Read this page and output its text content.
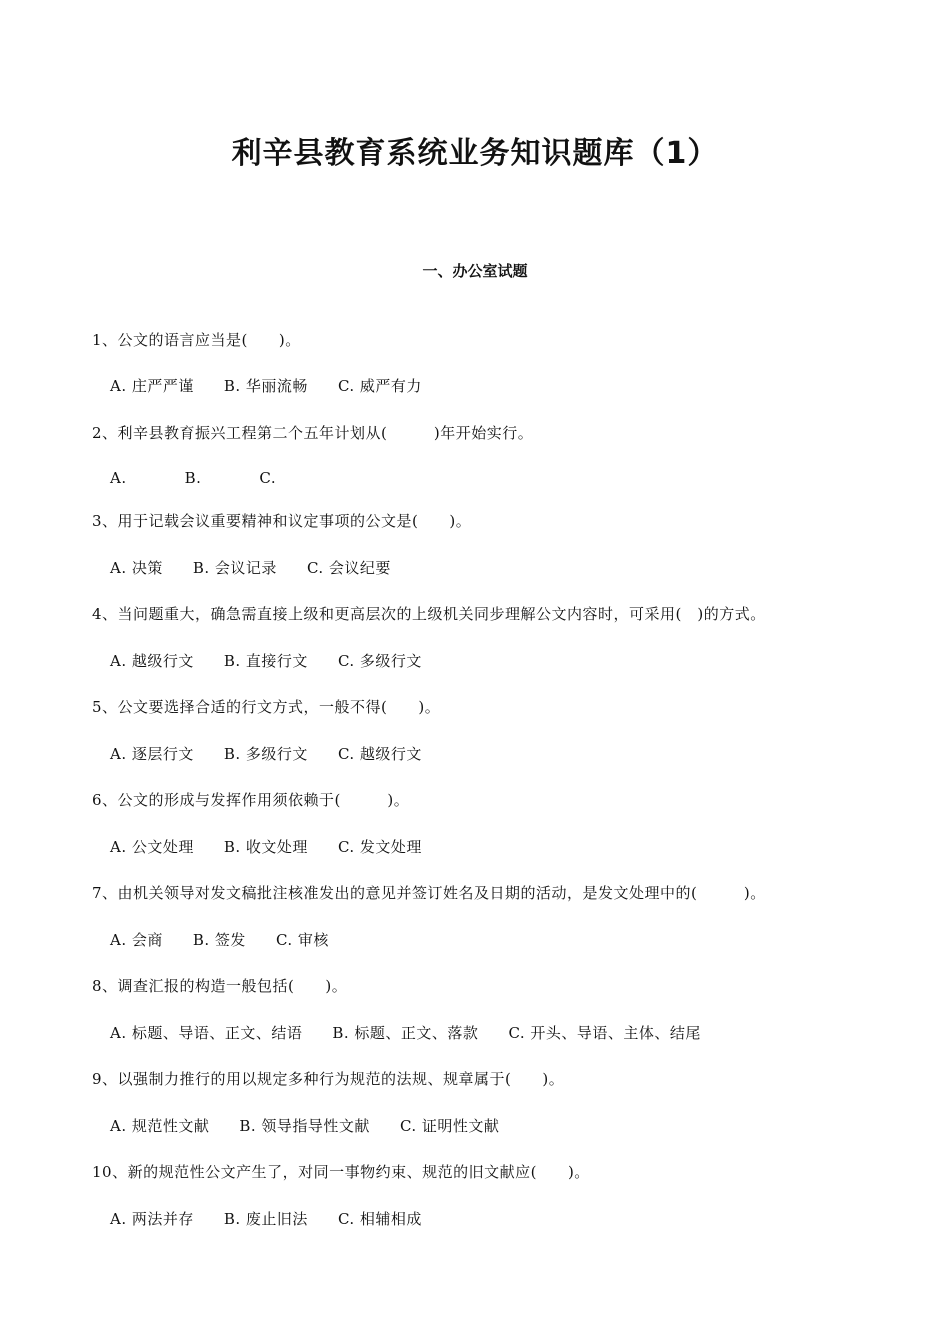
利辛县教育系统业务知识题库（1）
一、办公室试题
1、公文的语言应当是(　　)。
A. 庄严严谨 B. 华丽流畅 C. 威严有力
2、利辛县教育振兴工程第二个五年计划从(　　　)年开始实行。
A.	B.	C.
3、用于记载会议重要精神和议定事项的公文是(　　)。
A. 决策 B. 会议记录 C. 会议纪要
4、当问题重大，确急需直接上级和更高层次的上级机关同步理解公文内容时，可采用(　)的方式。
A. 越级行文 B. 直接行文 C. 多级行文
5、公文要选择合适的行文方式，一般不得(　　)。
A. 逐层行文 B. 多级行文 C. 越级行文
6、公文的形成与发挥作用须依赖于(　　　)。
A. 公文处理 B. 收文处理 C. 发文处理
7、由机关领导对发文稿批注核准发出的意见并签订姓名及日期的活动，是发文处理中的(　　　)。
A. 会商 B. 签发 C. 审核
8、调查汇报的构造一般包括(　　)。
A. 标题、导语、正文、结语 B. 标题、正文、落款 C. 开头、导语、主体、结尾
9、以强制力推行的用以规定多种行为规范的法规、规章属于(　　)。
A. 规范性文献 B. 领导指导性文献 C. 证明性文献
10、新的规范性公文产生了，对同一事物约束、规范的旧文献应(　　)。
A. 两法并存 B. 废止旧法 C. 相辅相成
